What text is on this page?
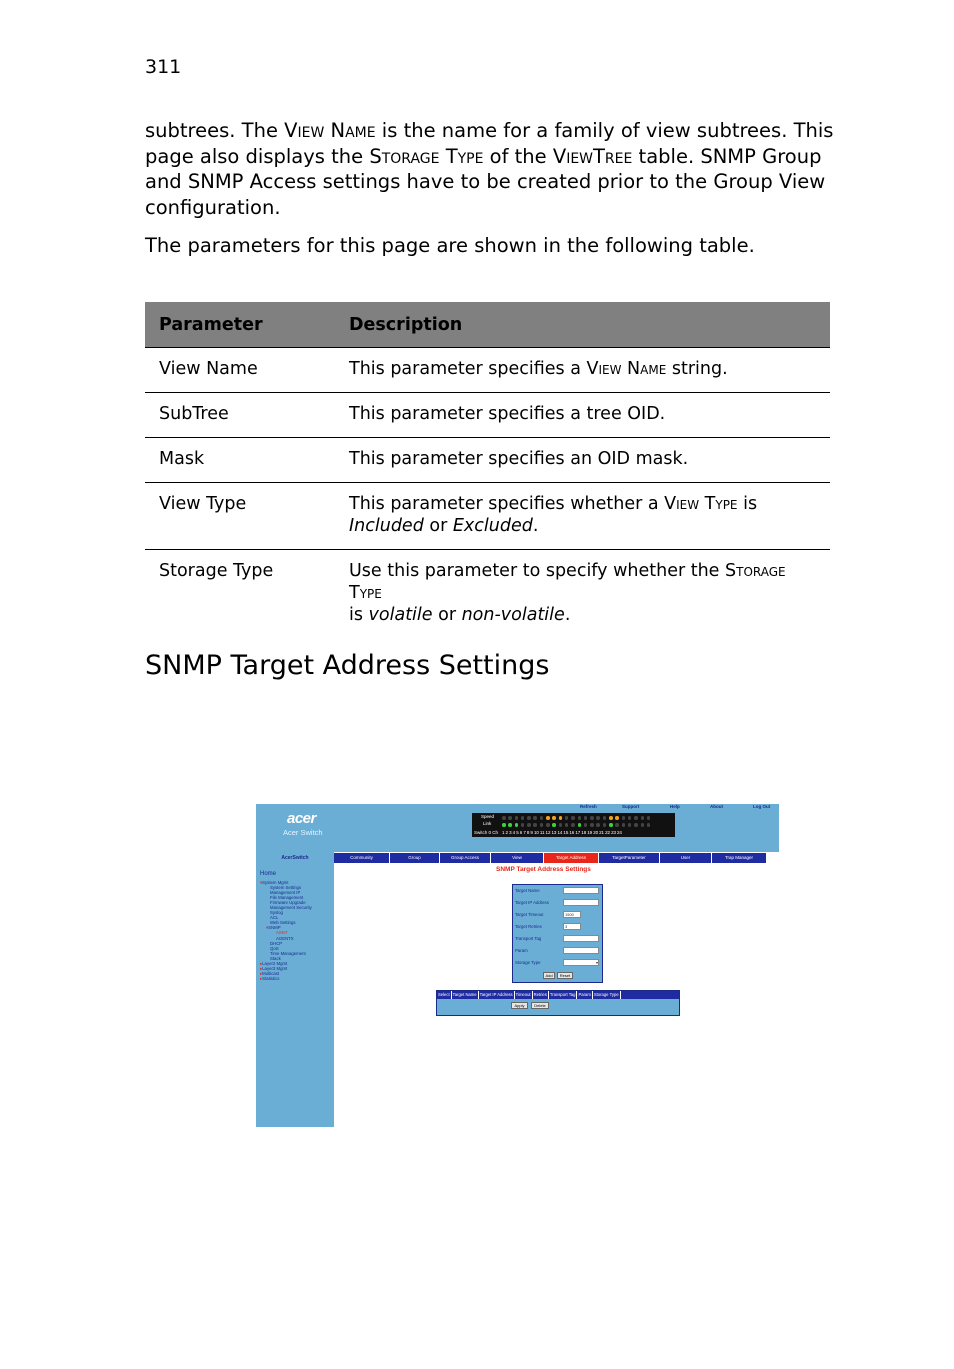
311

subtrees. The View Name is the name for a family of view subtrees. This page also displays the Storage Type of the ViewTree table. SNMP Group and SNMP Access settings have to be created prior to the Group View configuration.

The parameters for this page are shown in the following table.

Parameter	Description
View Name	This parameter specifies a View Name string.
SubTree	This parameter specifies a tree OID.
Mask	This parameter specifies an OID mask.
View Type	This parameter specifies whether a View Type is
Included or Excluded.
Storage Type	Use this parameter to specify whether the Storage Type
is volatile or non-volatile.
SNMP Target Address Settings
acer
Acer Switch
Refresh	Support	Help	About	Log Out
Speed
Link
Switch 0 Ch 1 2 3 4 5 6 7 8 9 10 11 12 13 14 15 16 17 18 19 20 21 22 23 24
AcerSwitch	Community	Group	Group Access	View	Target Address	TargetParameter	User	Trap Manager
Home
▾System Mgmt
System Settings
Management IP
File Management
Firmware Upgrade
Management Security
Syslog
ACL
Web Settings
▾SNMP
ASNT
AGENTX
DHCP
QoS
Time Management
Stack
▸Layer2 Mgmt
▸Layer3 Mgmt
▸Multicast
▸Statistics
SNMP Target Address Settings
Target Name
Target IP Address
Target Timeout	1500
Target Retries	3
Transport Tag
Param
Storage Type	▾
Add	Reset
Select Target Name Target IP Address Timeout Retries Transport Tag Param Storage Type
Apply	Delete
